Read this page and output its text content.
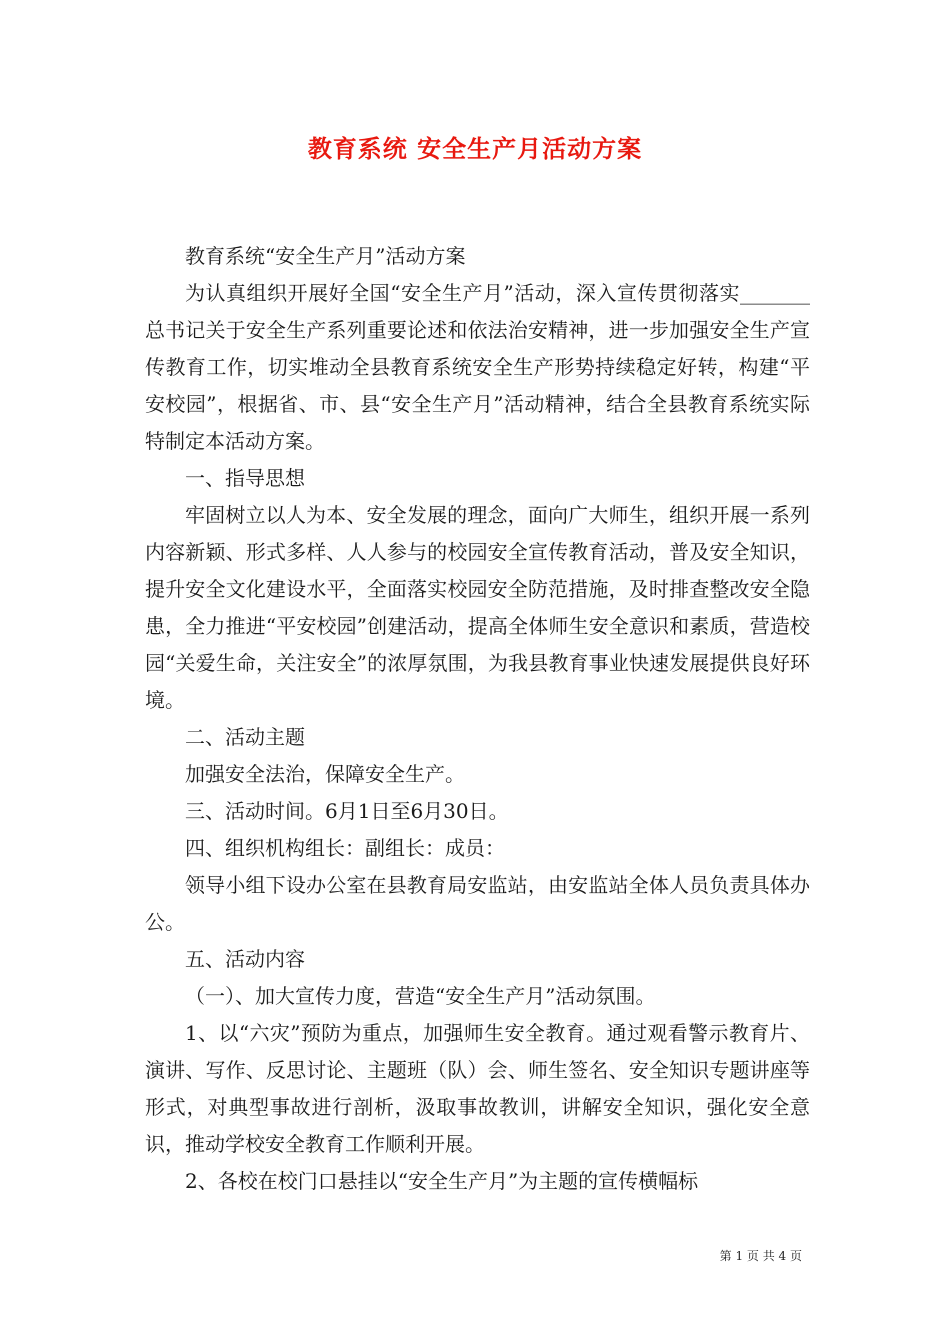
教育系统 安全生产月活动方案

教育系统“安全生产月”活动方案

为认真组织开展好全国“安全生产月”活动，深入宣传贯彻落实_______总书记关于安全生产系列重要论述和依法治安精神，进一步加强安全生产宣传教育工作，切实堆动全县教育系统安全生产形势持续稳定好转，构建“平安校园”，根据省、市、县“安全生产月”活动精神，结合全县教育系统实际特制定本活动方案。

一、指导思想

牢固树立以人为本、安全发展的理念，面向广大师生，组织开展一系列内容新颖、形式多样、人人参与的校园安全宣传教育活动，普及安全知识，提升安全文化建设水平，全面落实校园安全防范措施，及时排查整改安全隐患，全力推进“平安校园”创建活动，提高全体师生安全意识和素质，营造校园“关爱生命，关注安全”的浓厚氛围，为我县教育事业快速发展提供良好环境。

二、活动主题

加强安全法治，保障安全生产。

三、活动时间。6月1日至6月30日。

四、组织机构组长：副组长：成员：

领导小组下设办公室在县教育局安监站，由安监站全体人员负责具体办公。

五、活动内容

（一）、加大宣传力度，营造“安全生产月”活动氛围。

1、以“六灾”预防为重点，加强师生安全教育。通过观看警示教育片、演讲、写作、反思讨论、主题班（队）会、师生签名、安全知识专题讲座等形式，对典型事故进行剖析，汲取事故教训，讲解安全知识，强化安全意识，推动学校安全教育工作顺利开展。

2、各校在校门口悬挂以“安全生产月”为主题的宣传横幅标

第 1 页 共 4 页
